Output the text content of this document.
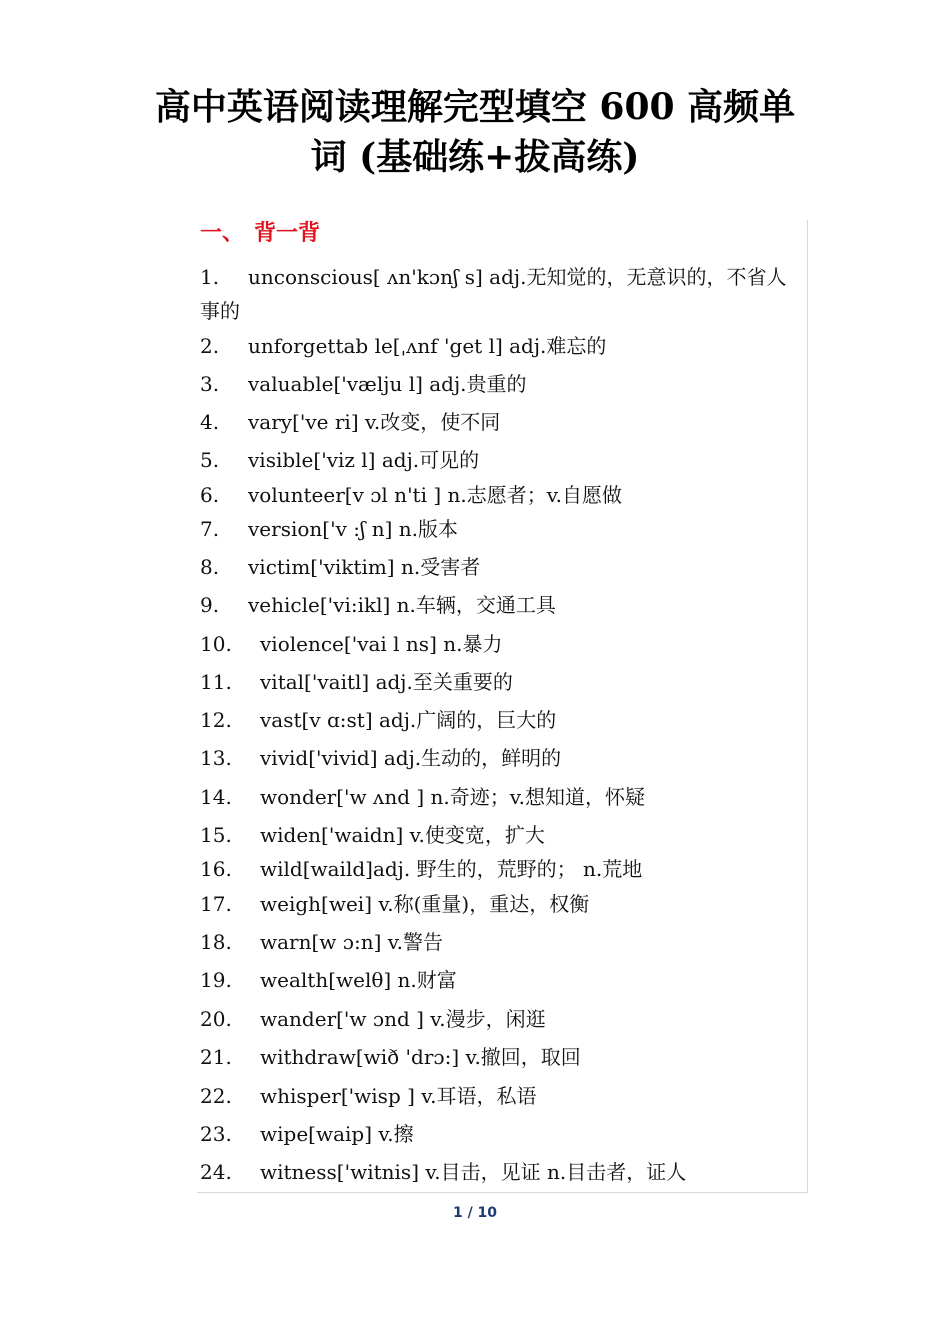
高中英语阅读理解完型填空 600 高频单
词 (基础练+拔高练)
一、 背一背
1. unconscious[ ʌn'kɔnʃ s] adj.无知觉的，无意识的，不省人事的
2. unforgettab le[ˌʌnf 'get l] adj.难忘的
3. valuable['vælju l] adj.贵重的
4. vary['ve ri] v.改变，使不同
5. visible['viz l] adj.可见的
6. volunteer[v ɔl n'ti ] n.志愿者；v.自愿做
7. version['v :ʃ n] n.版本
8. victim['viktim] n.受害者
9. vehicle['vi:ikl] n.车辆，交通工具
10. violence['vai l ns] n.暴力
11. vital['vaitl] adj.至关重要的
12. vast[v ɑ:st] adj.广阔的，巨大的
13. vivid['vivid] adj.生动的，鲜明的
14. wonder['w ʌnd ] n.奇迹；v.想知道，怀疑
15. widen['waidn] v.使变宽，扩大
16. wild[waild]adj. 野生的，荒野的； n.荒地
17. weigh[wei] v.称(重量)，重达，权衡
18. warn[w ɔ:n] v.警告
19. wealth[welθ] n.财富
20. wander['w ɔnd ] v.漫步，闲逛
21. withdraw[wið 'drɔ:] v.撤回，取回
22. whisper['wisp ] v.耳语，私语
23. wipe[waip] v.擦
24. witness['witnis] v.目击，见证 n.目击者，证人
1 / 10
